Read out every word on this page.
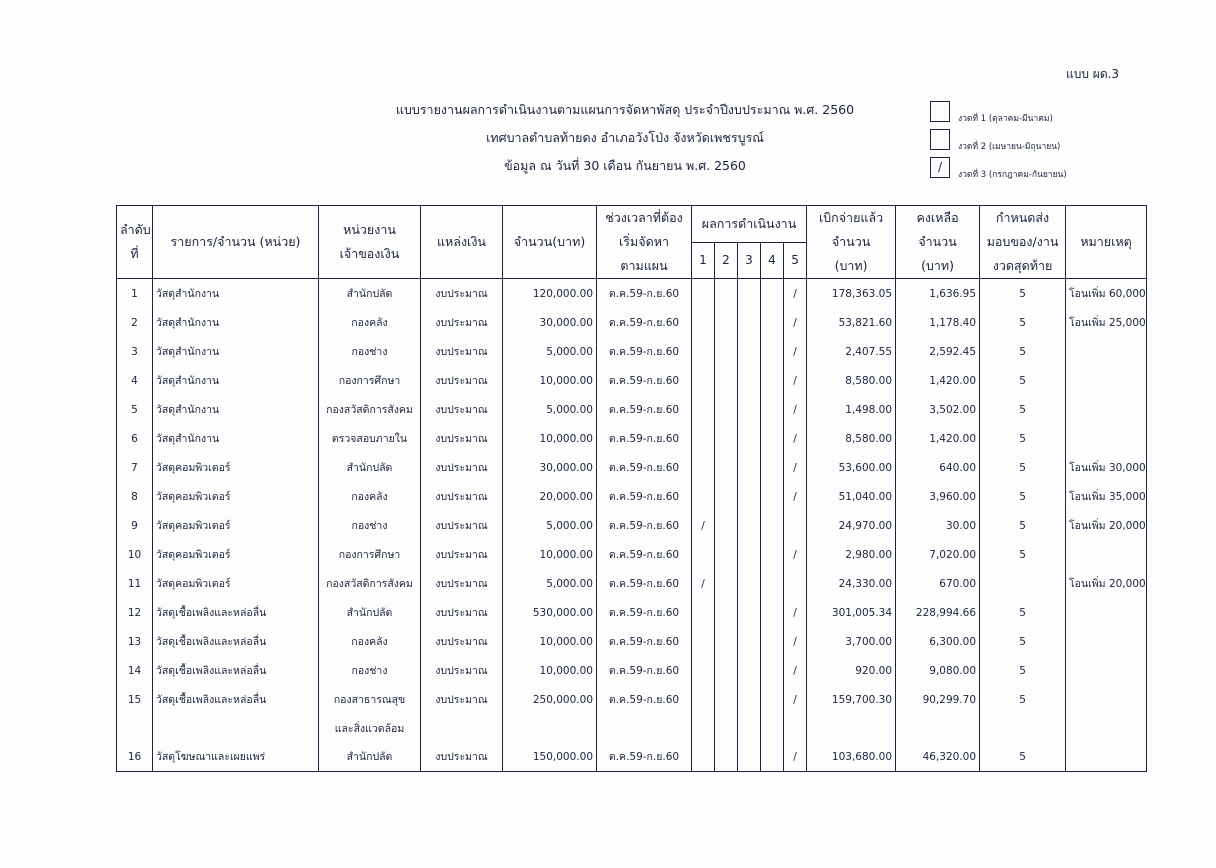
แบบ ผด.3
แบบรายงานผลการดำเนินงานตามแผนการจัดหาพัสดุ ประจำปีงบประมาณ พ.ศ. 2560
เทศบาลตำบลท้ายดง อำเภอวังโป่ง จังหวัดเพชรบูรณ์
ข้อมูล ณ วันที่ 30 เดือน กันยายน พ.ศ. 2560
งวดที่ 1 (ตุลาคม-มีนาคม)
งวดที่ 2 (เมษายน-มิถุนายน)
/
งวดที่ 3 (กรกฎาคม-กันยายน)
ลำดับ
ที่	รายการ/จำนวน (หน่วย)	หน่วยงาน
เจ้าของเงิน	แหล่งเงิน	จำนวน(บาท)	ช่วงเวลาที่ต้อง
เริ่มจัดหา
ตามแผน	ผลการดำเนินงาน					เบิกจ่ายแล้ว
จำนวน
(บาท)	คงเหลือ
จำนวน
(บาท)	กำหนดส่ง
มอบของ/งาน
งวดสุดท้าย	หมายเหตุ
						1	2	3	4	5				
1	วัสดุสำนักงาน	สำนักปลัด	งบประมาณ	120,000.00	ต.ค.59-ก.ย.60					/	178,363.05	1,636.95	5	โอนเพิ่ม 60,000
2	วัสดุสำนักงาน	กองคลัง	งบประมาณ	30,000.00	ต.ค.59-ก.ย.60					/	53,821.60	1,178.40	5	โอนเพิ่ม 25,000
3	วัสดุสำนักงาน	กองช่าง	งบประมาณ	5,000.00	ต.ค.59-ก.ย.60					/	2,407.55	2,592.45	5	
4	วัสดุสำนักงาน	กองการศึกษา	งบประมาณ	10,000.00	ต.ค.59-ก.ย.60					/	8,580.00	1,420.00	5	
5	วัสดุสำนักงาน	กองสวัสดิการสังคม	งบประมาณ	5,000.00	ต.ค.59-ก.ย.60					/	1,498.00	3,502.00	5	
6	วัสดุสำนักงาน	ตรวจสอบภายใน	งบประมาณ	10,000.00	ต.ค.59-ก.ย.60					/	8,580.00	1,420.00	5	
7	วัสดุคอมพิวเตอร์	สำนักปลัด	งบประมาณ	30,000.00	ต.ค.59-ก.ย.60					/	53,600.00	640.00	5	โอนเพิ่ม 30,000
8	วัสดุคอมพิวเตอร์	กองคลัง	งบประมาณ	20,000.00	ต.ค.59-ก.ย.60					/	51,040.00	3,960.00	5	โอนเพิ่ม 35,000
9	วัสดุคอมพิวเตอร์	กองช่าง	งบประมาณ	5,000.00	ต.ค.59-ก.ย.60	/					24,970.00	30.00	5	โอนเพิ่ม 20,000
10	วัสดุคอมพิวเตอร์	กองการศึกษา	งบประมาณ	10,000.00	ต.ค.59-ก.ย.60					/	2,980.00	7,020.00	5	
11	วัสดุคอมพิวเตอร์	กองสวัสดิการสังคม	งบประมาณ	5,000.00	ต.ค.59-ก.ย.60	/					24,330.00	670.00		โอนเพิ่ม 20,000
12	วัสดุเชื้อเพลิงและหล่อลื่น	สำนักปลัด	งบประมาณ	530,000.00	ต.ค.59-ก.ย.60					/	301,005.34	228,994.66	5	
13	วัสดุเชื้อเพลิงและหล่อลื่น	กองคลัง	งบประมาณ	10,000.00	ต.ค.59-ก.ย.60					/	3,700.00	6,300.00	5	
14	วัสดุเชื้อเพลิงและหล่อลื่น	กองช่าง	งบประมาณ	10,000.00	ต.ค.59-ก.ย.60					/	920.00	9,080.00	5	
15	วัสดุเชื้อเพลิงและหล่อลื่น	กองสาธารณสุข	งบประมาณ	250,000.00	ต.ค.59-ก.ย.60					/	159,700.30	90,299.70	5	
		และสิ่งแวดล้อม												
16	วัสดุโฆษณาและเผยแพร่	สำนักปลัด	งบประมาณ	150,000.00	ต.ค.59-ก.ย.60					/	103,680.00	46,320.00	5	
